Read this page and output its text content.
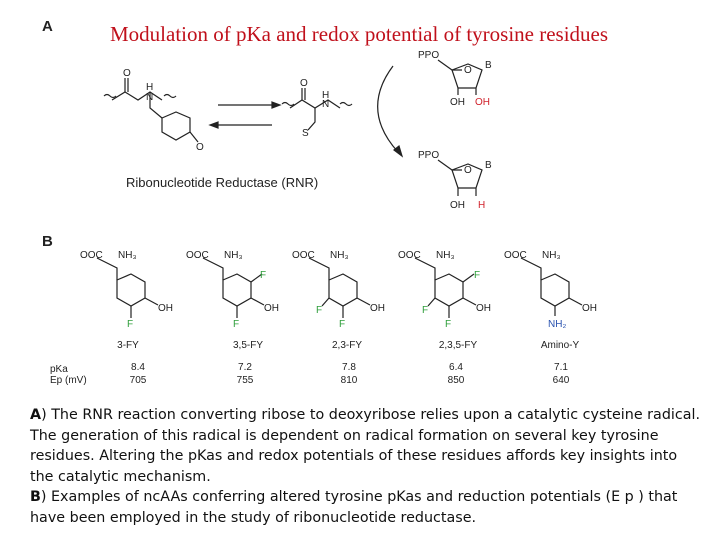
Modulation of pKa and redox potential of tyrosine residues
A
B
O
H
N
O
O
H
N
S
Ribonucleotide Reductase (RNR)
PPO
O B
OH OH
PPO
O B
OH H
OOC NH₃
OH
F
OOC NH₃
OH
F
F
OOC NH₃
OH
F
F
OOC NH₃
OH
F
F
F
OOC NH₃
OH
NH₂
pKa
Ep (mV)
3-FY
8.4
705
3,5-FY
7.2
755
2,3-FY
7.8
810
2,3,5-FY
6.4
850
Amino-Y
7.1
640

A) The RNR reaction converting ribose to deoxyribose relies upon a catalytic cysteine radical. The generation of this radical is dependent on radical formation on several key tyrosine residues. Altering the pKas and redox potentials of these residues affords key insights into the catalytic mechanism.

B) Examples of ncAAs conferring altered tyrosine pKas and reduction potentials (E p ) that have been employed in the study of ribonucleotide reductase.
